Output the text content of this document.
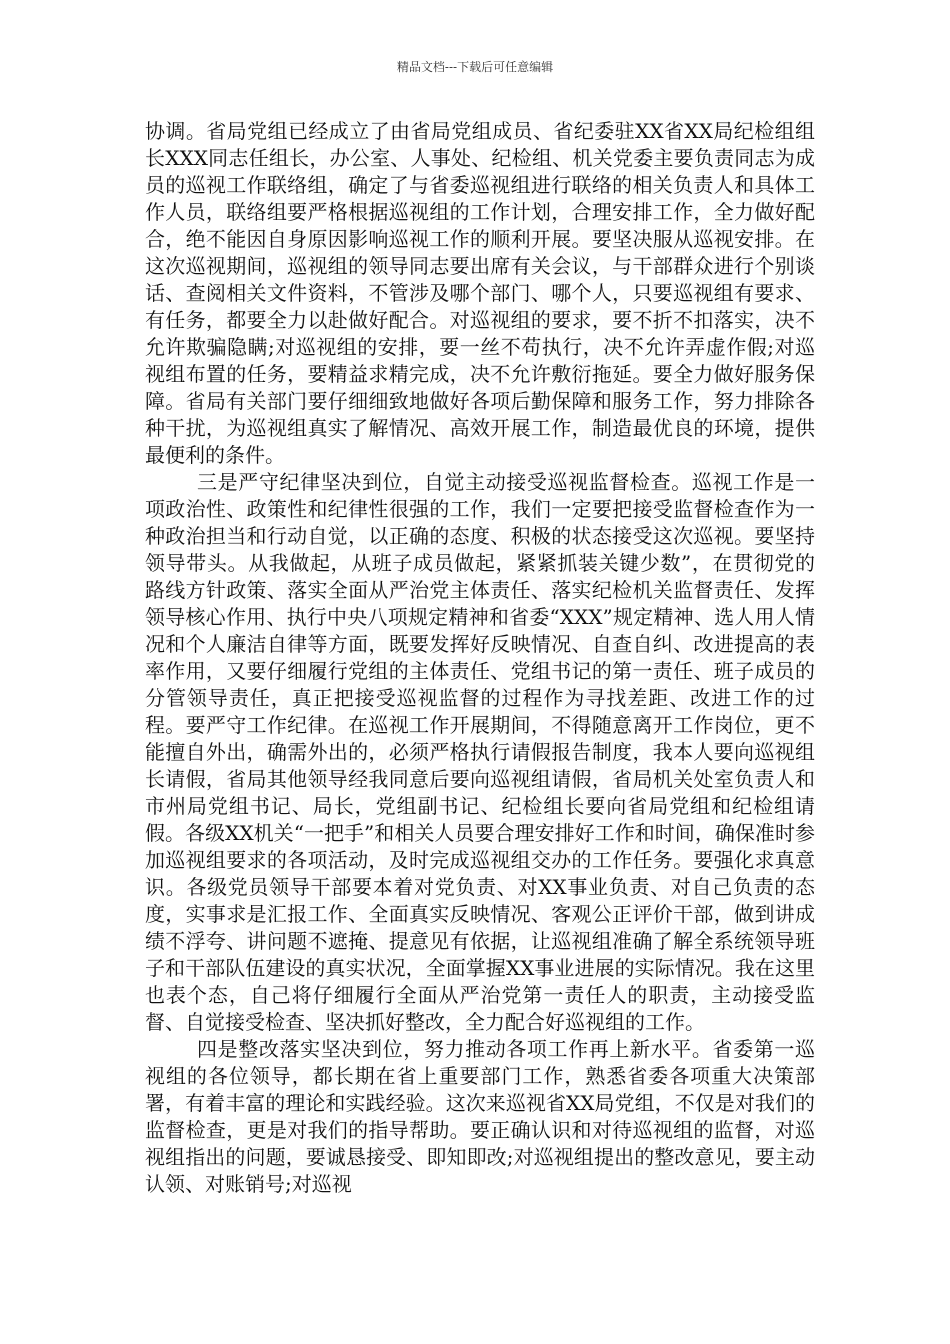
精品文档---下载后可任意编辑

协调。省局党组已经成立了由省局党组成员、省纪委驻XX省XX局纪检组组长XXX同志任组长，办公室、人事处、纪检组、机关党委主要负责同志为成员的巡视工作联络组，确定了与省委巡视组进行联络的相关负责人和具体工作人员，联络组要严格根据巡视组的工作计划，合理安排工作，全力做好配合，绝不能因自身原因影响巡视工作的顺利开展。要坚决服从巡视安排。在这次巡视期间，巡视组的领导同志要出席有关会议，与干部群众进行个别谈话、查阅相关文件资料，不管涉及哪个部门、哪个人，只要巡视组有要求、有任务，都要全力以赴做好配合。对巡视组的要求，要不折不扣落实，决不允许欺骗隐瞒;对巡视组的安排，要一丝不苟执行，决不允许弄虚作假;对巡视组布置的任务，要精益求精完成，决不允许敷衍拖延。要全力做好服务保障。省局有关部门要仔细细致地做好各项后勤保障和服务工作，努力排除各种干扰，为巡视组真实了解情况、高效开展工作，制造最优良的环境，提供最便利的条件。

三是严守纪律坚决到位，自觉主动接受巡视监督检查。巡视工作是一项政治性、政策性和纪律性很强的工作，我们一定要把接受监督检查作为一种政治担当和行动自觉，以正确的态度、积极的状态接受这次巡视。要坚持领导带头。从我做起，从班子成员做起，紧紧抓装关键少数”，在贯彻党的路线方针政策、落实全面从严治党主体责任、落实纪检机关监督责任、发挥领导核心作用、执行中央八项规定精神和省委“XXX”规定精神、选人用人情况和个人廉洁自律等方面，既要发挥好反映情况、自查自纠、改进提高的表率作用，又要仔细履行党组的主体责任、党组书记的第一责任、班子成员的分管领导责任，真正把接受巡视监督的过程作为寻找差距、改进工作的过程。要严守工作纪律。在巡视工作开展期间，不得随意离开工作岗位，更不能擅自外出，确需外出的，必须严格执行请假报告制度，我本人要向巡视组长请假，省局其他领导经我同意后要向巡视组请假，省局机关处室负责人和市州局党组书记、局长，党组副书记、纪检组长要向省局党组和纪检组请假。各级XX机关“一把手”和相关人员要合理安排好工作和时间，确保准时参加巡视组要求的各项活动，及时完成巡视组交办的工作任务。要强化求真意识。各级党员领导干部要本着对党负责、对XX事业负责、对自己负责的态度，实事求是汇报工作、全面真实反映情况、客观公正评价干部，做到讲成绩不浮夸、讲问题不遮掩、提意见有依据，让巡视组准确了解全系统领导班子和干部队伍建设的真实状况，全面掌握XX事业进展的实际情况。我在这里也表个态，自己将仔细履行全面从严治党第一责任人的职责，主动接受监督、自觉接受检查、坚决抓好整改，全力配合好巡视组的工作。

四是整改落实坚决到位，努力推动各项工作再上新水平。省委第一巡视组的各位领导，都长期在省上重要部门工作，熟悉省委各项重大决策部署，有着丰富的理论和实践经验。这次来巡视省XX局党组，不仅是对我们的监督检查，更是对我们的指导帮助。要正确认识和对待巡视组的监督，对巡视组指出的问题，要诚恳接受、即知即改;对巡视组提出的整改意见，要主动认领、对账销号;对巡视
